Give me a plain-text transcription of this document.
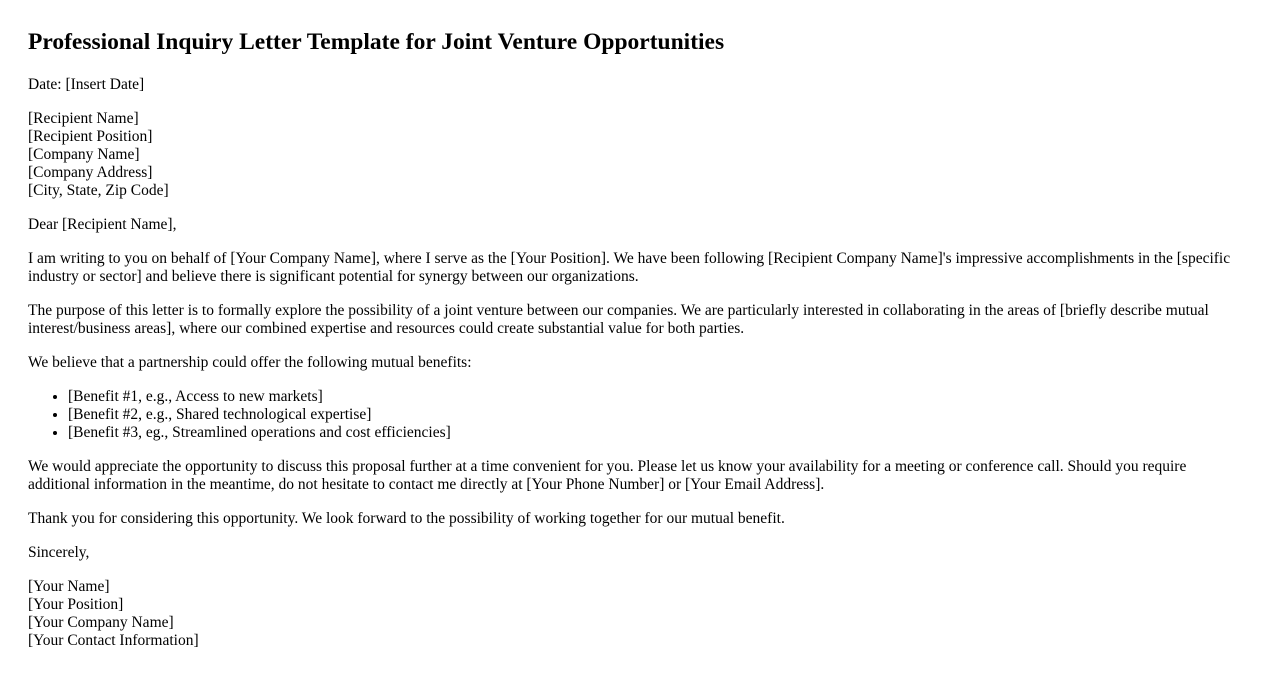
Professional Inquiry Letter Template for Joint Venture Opportunities

Date: [Insert Date]

[Recipient Name]
[Recipient Position]
[Company Name]
[Company Address]
[City, State, Zip Code]

Dear [Recipient Name],

I am writing to you on behalf of [Your Company Name], where I serve as the [Your Position]. We have been following [Recipient Company Name]'s impressive accomplishments in the [specific industry or sector] and believe there is significant potential for synergy between our organizations.

The purpose of this letter is to formally explore the possibility of a joint venture between our companies. We are particularly interested in collaborating in the areas of [briefly describe mutual interest/business areas], where our combined expertise and resources could create substantial value for both parties.

We believe that a partnership could offer the following mutual benefits:

• [Benefit #1, e.g., Access to new markets]
• [Benefit #2, e.g., Shared technological expertise]
• [Benefit #3, eg., Streamlined operations and cost efficiencies]

We would appreciate the opportunity to discuss this proposal further at a time convenient for you. Please let us know your availability for a meeting or conference call. Should you require additional information in the meantime, do not hesitate to contact me directly at [Your Phone Number] or [Your Email Address].

Thank you for considering this opportunity. We look forward to the possibility of working together for our mutual benefit.

Sincerely,

[Your Name]
[Your Position]
[Your Company Name]
[Your Contact Information]
